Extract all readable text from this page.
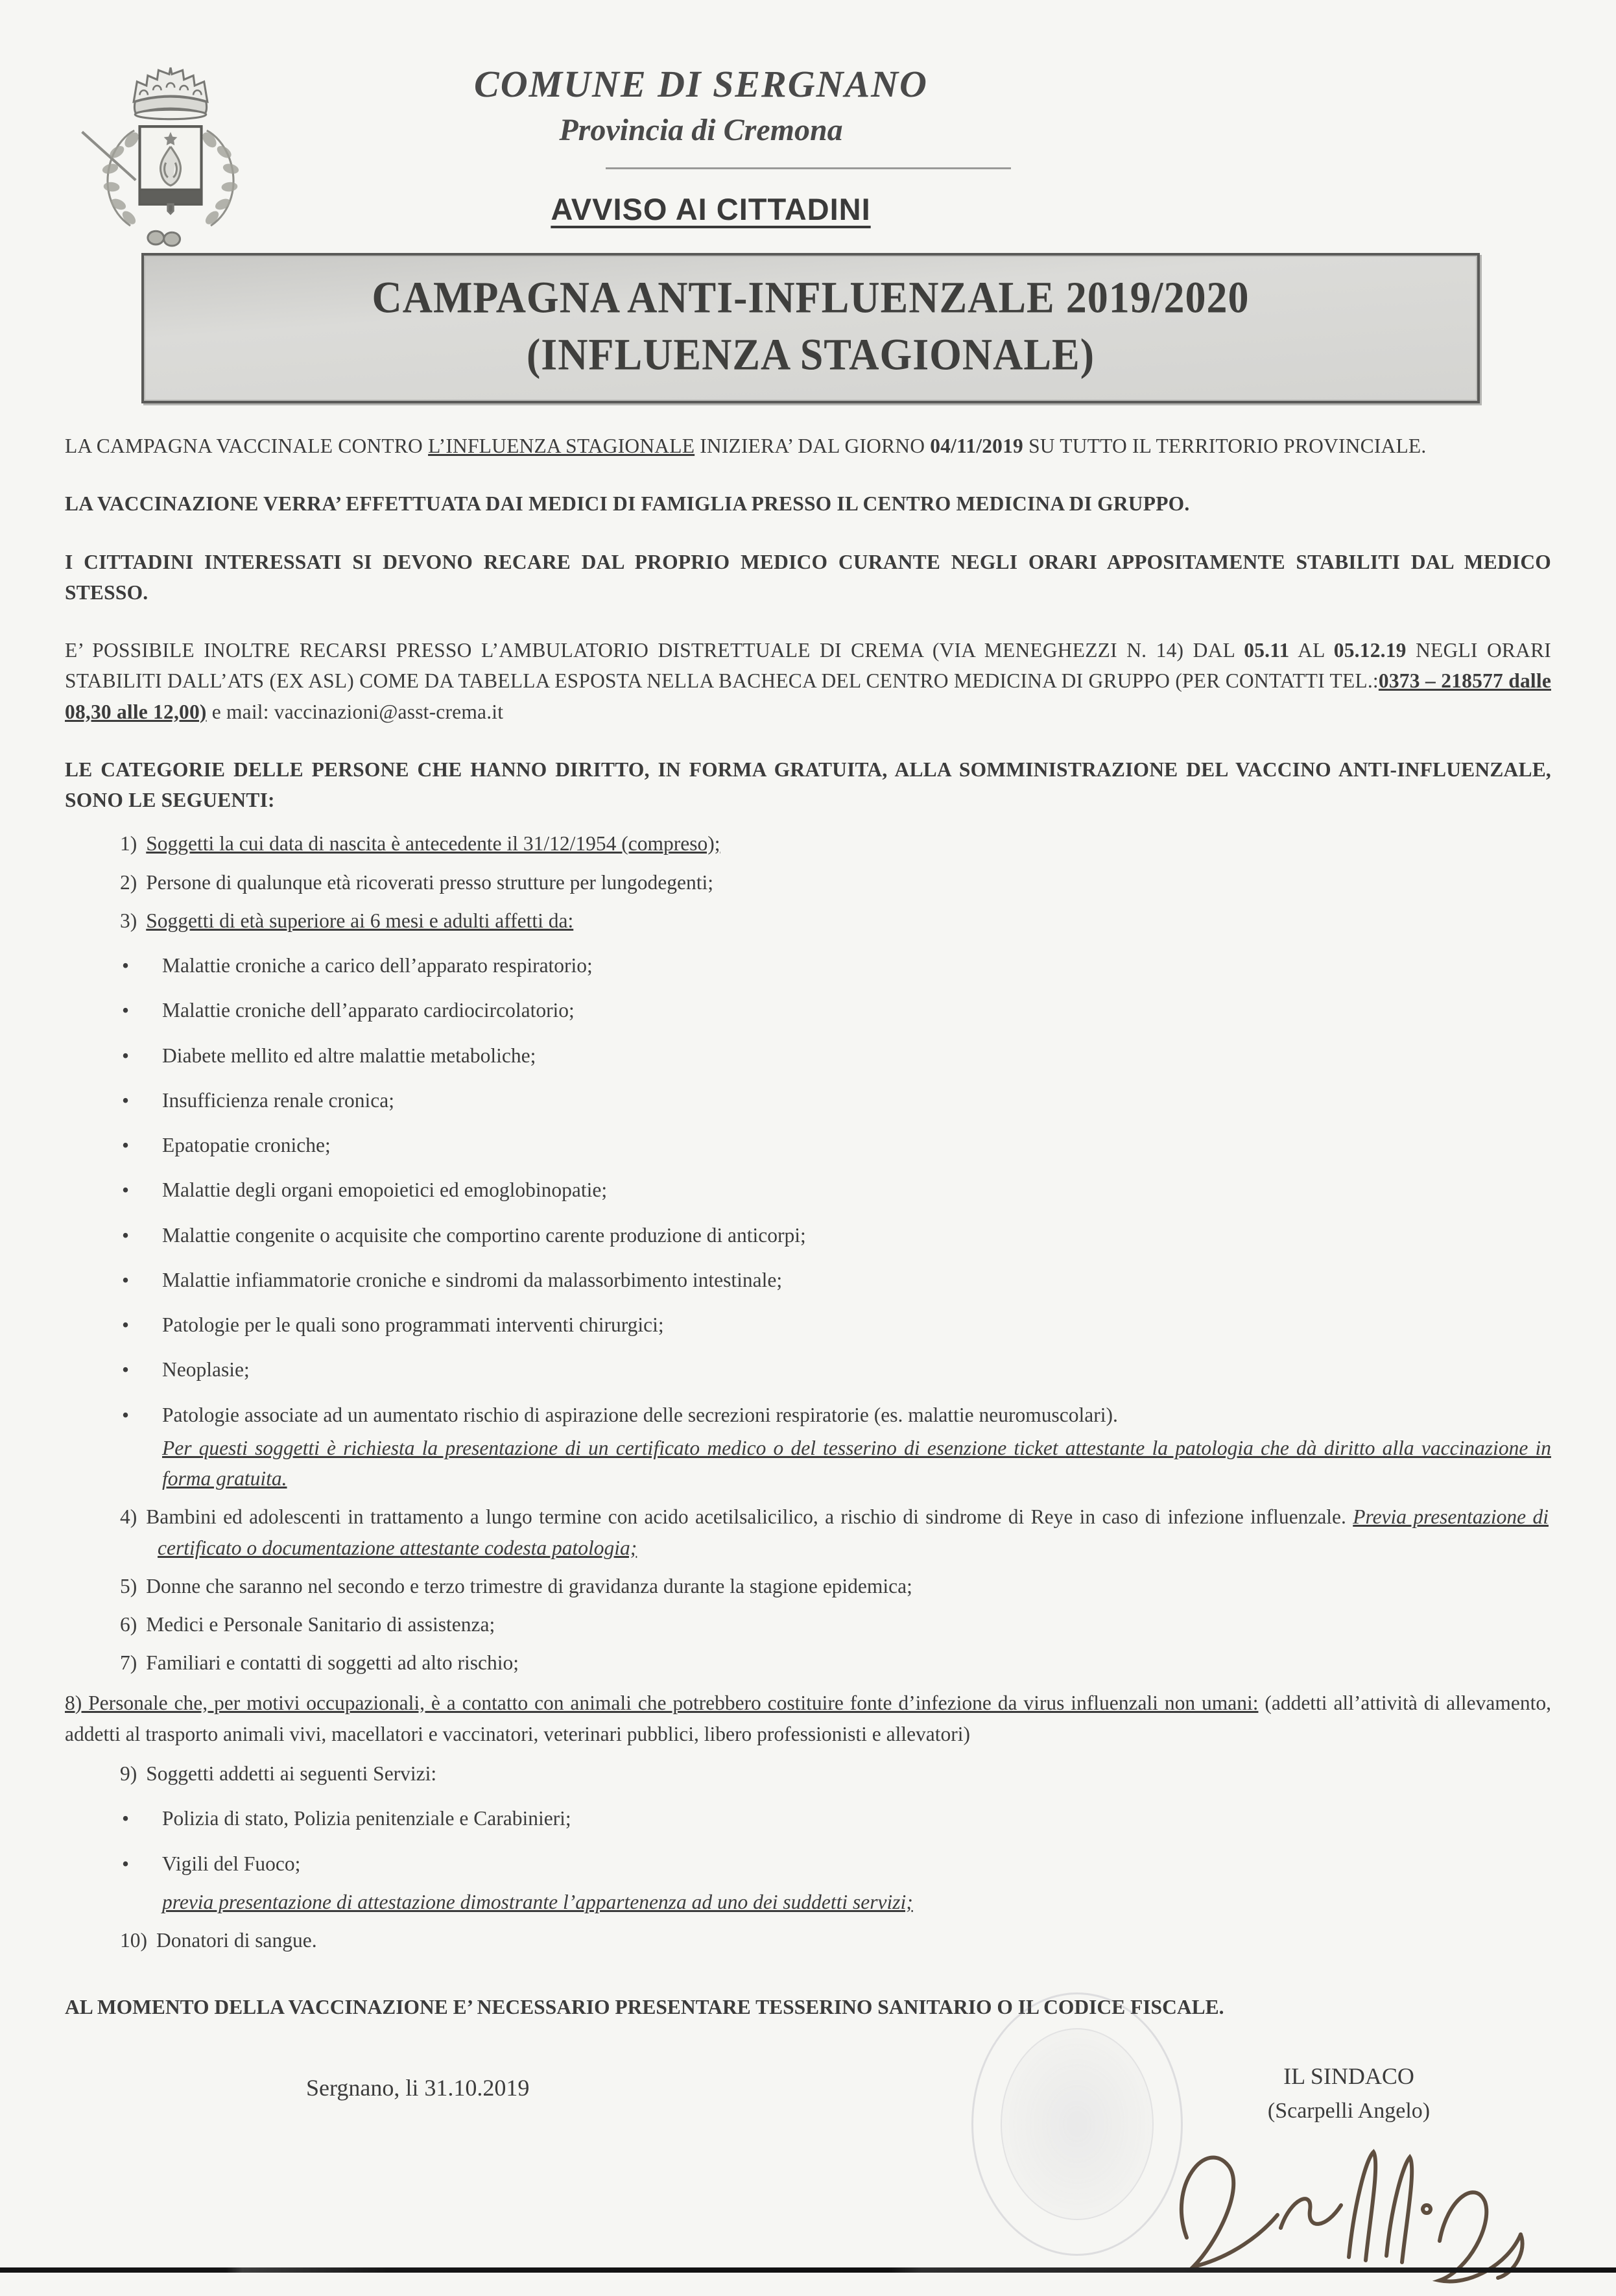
COMUNE DI SERGNANO
Provincia di Cremona
AVVISO AI CITTADINI
CAMPAGNA ANTI-INFLUENZALE 2019/2020
(INFLUENZA STAGIONALE)
LA CAMPAGNA VACCINALE CONTRO L’INFLUENZA STAGIONALE INIZIERA’ DAL GIORNO 04/11/2019 SU TUTTO IL TERRITORIO PROVINCIALE.
LA VACCINAZIONE VERRA’ EFFETTUATA DAI MEDICI DI FAMIGLIA PRESSO IL CENTRO MEDICINA DI GRUPPO.
I CITTADINI INTERESSATI SI DEVONO RECARE DAL PROPRIO MEDICO CURANTE NEGLI ORARI APPOSITAMENTE STABILITI DAL MEDICO STESSO.
E’ POSSIBILE INOLTRE RECARSI PRESSO L’AMBULATORIO DISTRETTUALE DI CREMA (VIA MENEGHEZZI N. 14) DAL 05.11 AL 05.12.19 NEGLI ORARI STABILITI DALL’ATS (EX ASL) COME DA TABELLA ESPOSTA NELLA BACHECA DEL CENTRO MEDICINA DI GRUPPO (PER CONTATTI TEL.:0373 – 218577 dalle 08,30 alle 12,00) e mail: vaccinazioni@asst-crema.it
LE CATEGORIE DELLE PERSONE CHE HANNO DIRITTO, IN FORMA GRATUITA, ALLA SOMMINISTRAZIONE DEL VACCINO ANTI-INFLUENZALE, SONO LE SEGUENTI:
1) Soggetti la cui data di nascita è antecedente il 31/12/1954 (compreso);
2) Persone di qualunque età ricoverati presso strutture per lungodegenti;
3) Soggetti di età superiore ai 6 mesi e adulti affetti da:
• Malattie croniche a carico dell’apparato respiratorio;
• Malattie croniche dell’apparato cardiocircolatorio;
• Diabete mellito ed altre malattie metaboliche;
• Insufficienza renale cronica;
• Epatopatie croniche;
• Malattie degli organi emopoietici ed emoglobinopatie;
• Malattie congenite o acquisite che comportino carente produzione di anticorpi;
• Malattie infiammatorie croniche e sindromi da malassorbimento intestinale;
• Patologie per le quali sono programmati interventi chirurgici;
• Neoplasie;
• Patologie associate ad un aumentato rischio di aspirazione delle secrezioni respiratorie (es. malattie neuromuscolari).
Per questi soggetti è richiesta la presentazione di un certificato medico o del tesserino di esenzione ticket attestante la patologia che dà diritto alla vaccinazione in forma gratuita.
4) Bambini ed adolescenti in trattamento a lungo termine con acido acetilsalicilico, a rischio di sindrome di Reye in caso di infezione influenzale. Previa presentazione di certificato o documentazione attestante codesta patologia;
5) Donne che saranno nel secondo e terzo trimestre di gravidanza durante la stagione epidemica;
6) Medici e Personale Sanitario di assistenza;
7) Familiari e contatti di soggetti ad alto rischio;
8) Personale che, per motivi occupazionali, è a contatto con animali che potrebbero costituire fonte d’infezione da virus influenzali non umani: (addetti all’attività di allevamento, addetti al trasporto animali vivi, macellatori e vaccinatori, veterinari pubblici, libero professionisti e allevatori)
9) Soggetti addetti ai seguenti Servizi:
• Polizia di stato, Polizia penitenziale e Carabinieri;
• Vigili del Fuoco;
previa presentazione di attestazione dimostrante l’appartenenza ad uno dei suddetti servizi;
10) Donatori di sangue.
AL MOMENTO DELLA VACCINAZIONE E’ NECESSARIO PRESENTARE TESSERINO SANITARIO O IL CODICE FISCALE.
Sergnano, li 31.10.2019	IL SINDACO
(Scarpelli Angelo)
